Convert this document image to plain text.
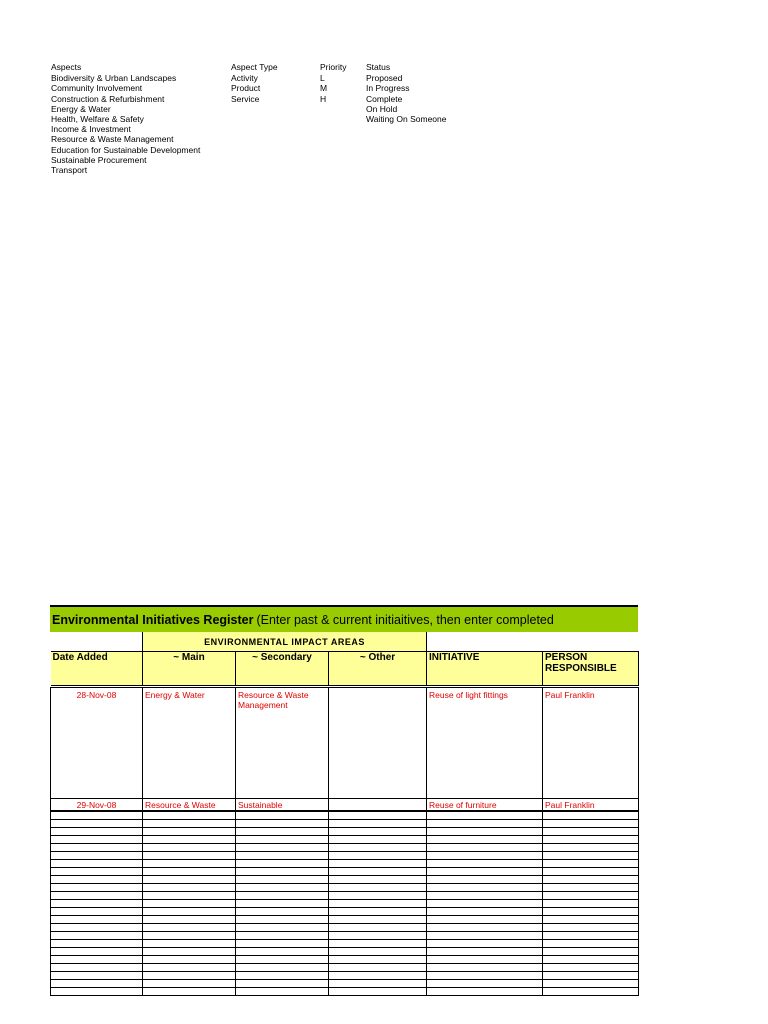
Aspects
Biodiversity & Urban Landscapes
Community Involvement
Construction & Refurbishment
Energy & Water
Health, Welfare & Safety
Income & Investment
Resource & Waste Management
Education for Sustainable Development
Sustainable Procurement
Transport
Aspect Type
Activity
Product
Service
Priority
L
M
H
Status
Proposed
In Progress
Complete
On Hold
Waiting On Someone
Environmental Initiatives Register (Enter past & current initiaitives, then enter completed
	ENVIRONMENTAL IMPACT AREAS				
Date Added	~ Main	~ Secondary	~ Other	INITIATIVE	PERSON RESPONSIBLE

28-Nov-08	Energy & Water	Resource & Waste Management		Reuse of light fittings	Paul Franklin
29-Nov-08	Resource & Waste	Sustainable		Reuse of furniture	Paul Franklin
